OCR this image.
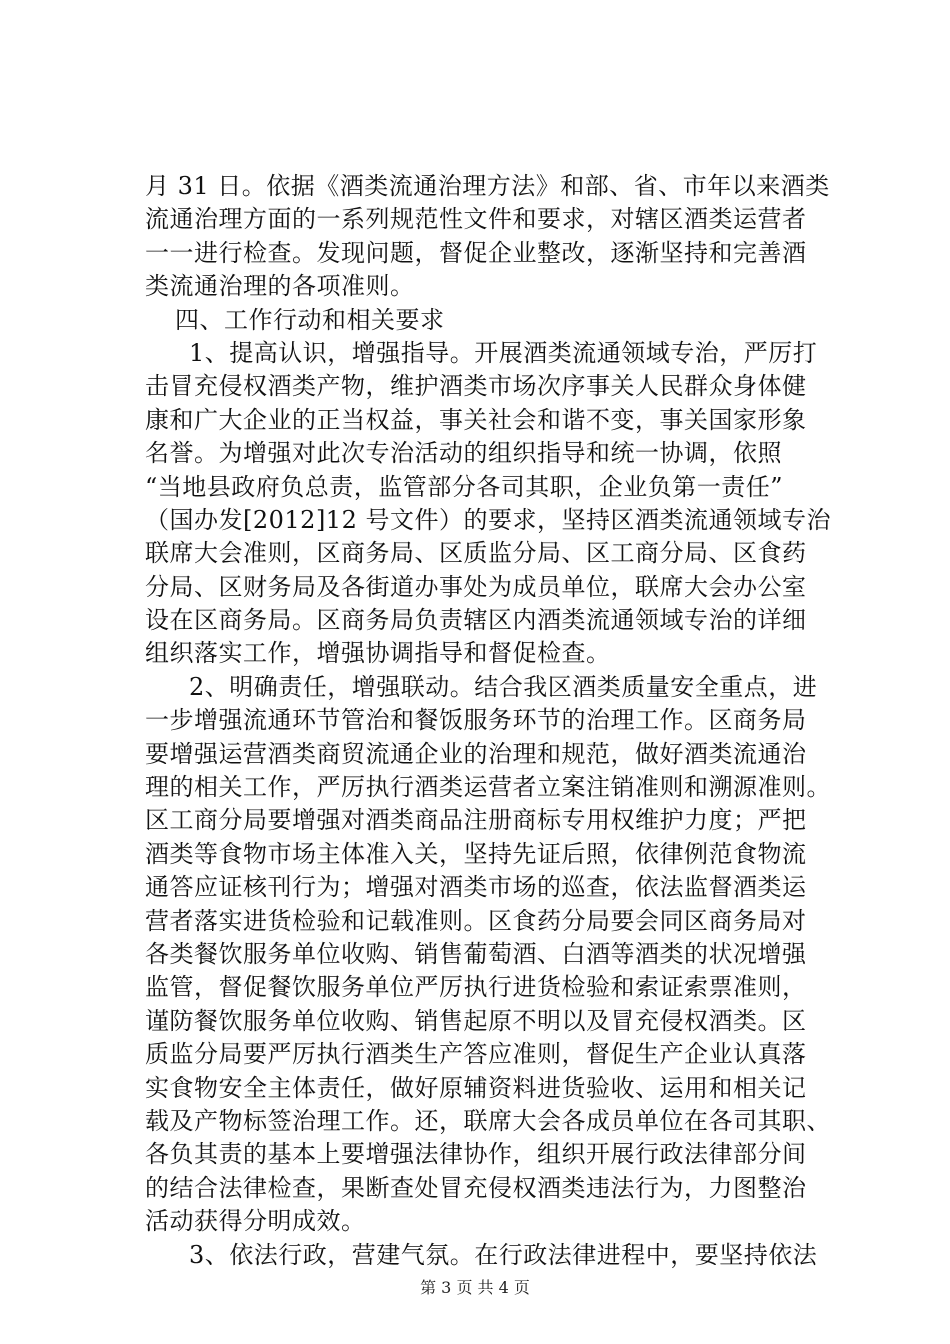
月 31 日。依据《酒类流通治理方法》和部、省、市年以来酒类
流通治理方面的一系列规范性文件和要求，对辖区酒类运营者
一一进行检查。发现问题，督促企业整改，逐渐坚持和完善酒
类流通治理的各项准则。
四、工作行动和相关要求
1、提高认识，增强指导。开展酒类流通领域专治，严厉打
击冒充侵权酒类产物，维护酒类市场次序事关人民群众身体健
康和广大企业的正当权益，事关社会和谐不变，事关国家形象
名誉。为增强对此次专治活动的组织指导和统一协调，依照
“当地县政府负总责，监管部分各司其职，企业负第一责任”
（国办发[2012]12 号文件）的要求，坚持区酒类流通领域专治
联席大会准则，区商务局、区质监分局、区工商分局、区食药
分局、区财务局及各街道办事处为成员单位，联席大会办公室
设在区商务局。区商务局负责辖区内酒类流通领域专治的详细
组织落实工作，增强协调指导和督促检查。
2、明确责任，增强联动。结合我区酒类质量安全重点，进
一步增强流通环节管治和餐饭服务环节的治理工作。区商务局
要增强运营酒类商贸流通企业的治理和规范，做好酒类流通治
理的相关工作，严厉执行酒类运营者立案注销准则和溯源准则。
区工商分局要增强对酒类商品注册商标专用权维护力度；严把
酒类等食物市场主体准入关，坚持先证后照，依律例范食物流
通答应证核刊行为；增强对酒类市场的巡查，依法监督酒类运
营者落实进货检验和记载准则。区食药分局要会同区商务局对
各类餐饮服务单位收购、销售葡萄酒、白酒等酒类的状况增强
监管，督促餐饮服务单位严厉执行进货检验和索证索票准则，
谨防餐饮服务单位收购、销售起原不明以及冒充侵权酒类。区
质监分局要严厉执行酒类生产答应准则，督促生产企业认真落
实食物安全主体责任，做好原辅资料进货验收、运用和相关记
载及产物标签治理工作。还，联席大会各成员单位在各司其职、
各负其责的基本上要增强法律协作，组织开展行政法律部分间
的结合法律检查，果断查处冒充侵权酒类违法行为，力图整治
活动获得分明成效。
3、依法行政，营建气氛。在行政法律进程中，要坚持依法
第 3 页 共 4 页
